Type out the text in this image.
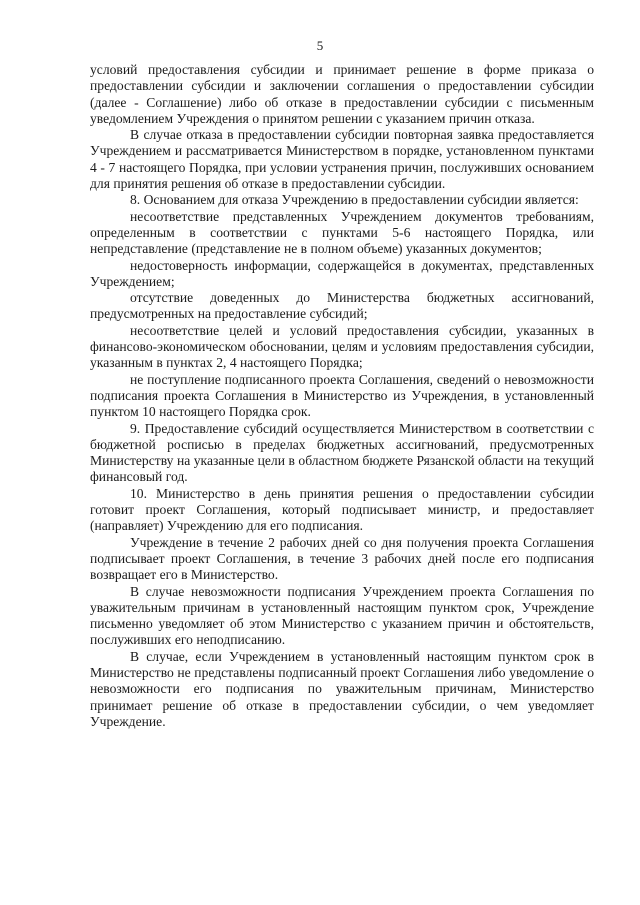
5

условий предоставления субсидии и принимает решение в форме приказа о предоставлении субсидии и заключении соглашения о предоставлении субсидии (далее - Соглашение) либо об отказе в предоставлении субсидии с письменным уведомлением Учреждения о принятом решении с указанием причин отказа.

В случае отказа в предоставлении субсидии повторная заявка предоставляется Учреждением и рассматривается Министерством в порядке, установленном пунктами 4 - 7 настоящего Порядка, при условии устранения причин, послуживших основанием для принятия решения об отказе в предоставлении субсидии.

8. Основанием для отказа Учреждению в предоставлении субсидии является:

несоответствие представленных Учреждением документов требованиям, определенным в соответствии с пунктами 5-6 настоящего Порядка, или непредставление (представление не в полном объеме) указанных документов;

недостоверность информации, содержащейся в документах, представленных Учреждением;

отсутствие доведенных до Министерства бюджетных ассигнований, предусмотренных на предоставление субсидий;

несоответствие целей и условий предоставления субсидии, указанных в финансово-экономическом обосновании, целям и условиям предоставления субсидии, указанным в пунктах 2, 4 настоящего Порядка;

не поступление подписанного проекта Соглашения, сведений о невозможности подписания проекта Соглашения в Министерство из Учреждения, в установленный пунктом 10 настоящего Порядка срок.

9. Предоставление субсидий осуществляется Министерством в соответствии с бюджетной росписью в пределах бюджетных ассигнований, предусмотренных Министерству на указанные цели в областном бюджете Рязанской области на текущий финансовый год.

10. Министерство в день принятия решения о предоставлении субсидии готовит проект Соглашения, который подписывает министр, и предоставляет (направляет) Учреждению для его подписания.

Учреждение в течение 2 рабочих дней со дня получения проекта Соглашения подписывает проект Соглашения, в течение 3 рабочих дней после его подписания возвращает его в Министерство.

В случае невозможности подписания Учреждением проекта Соглашения по уважительным причинам в установленный настоящим пунктом срок, Учреждение письменно уведомляет об этом Министерство с указанием причин и обстоятельств, послуживших его неподписанию.

В случае, если Учреждением в установленный настоящим пунктом срок в Министерство не представлены подписанный проект Соглашения либо уведомление о невозможности его подписания по уважительным причинам, Министерство принимает решение об отказе в предоставлении субсидии, о чем уведомляет Учреждение.
